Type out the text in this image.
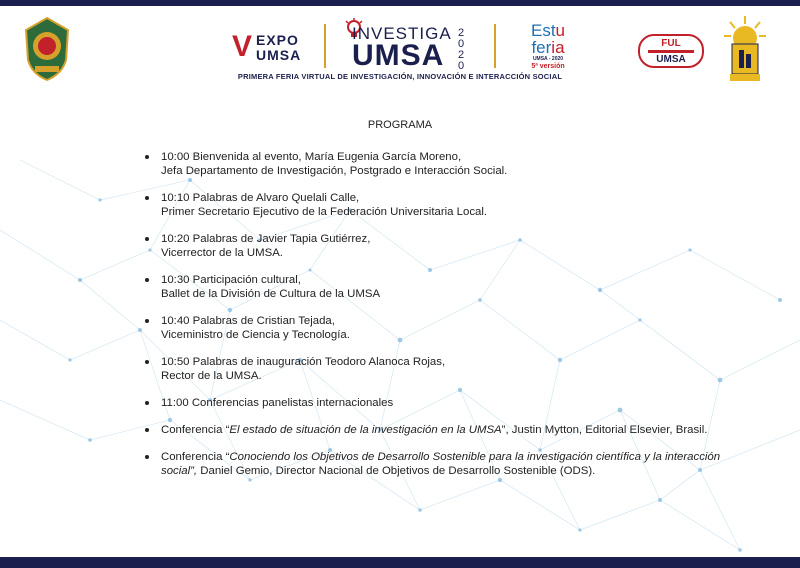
V EXPO
UMSA
INVESTIGA
UMSA
2
0
2
0
Estu
feria
UMSA - 2020
5ª versión
FUL
UMSA
PRIMERA FERIA VIRTUAL DE INVESTIGACIÓN, INNOVACIÓN E INTERACCIÓN SOCIAL
PROGRAMA
10:00 Bienvenida al evento, María Eugenia García Moreno,
Jefa Departamento de Investigación, Postgrado e Interacción Social.
10:10 Palabras de Alvaro Quelali Calle,
Primer Secretario Ejecutivo de la Federación Universitaria Local.
10:20 Palabras de Javier Tapia Gutiérrez,
Vicerrector de la UMSA.
10:30 Participación cultural,
Ballet de la División de Cultura de la UMSA
10:40 Palabras de Cristian Tejada,
Viceministro de Ciencia y Tecnología.
10:50 Palabras de inauguración Teodoro Alanoca Rojas,
Rector de la UMSA.
11:00 Conferencias panelistas internacionales
Conferencia “El estado de situación de la investigación en la UMSA”, Justin Mytton, Editorial Elsevier, Brasil.
Conferencia “Conociendo los Objetivos de Desarrollo Sostenible para la investigación científica y la interacción social”, Daniel Gemio, Director Nacional de Objetivos de Desarrollo Sostenible (ODS).
